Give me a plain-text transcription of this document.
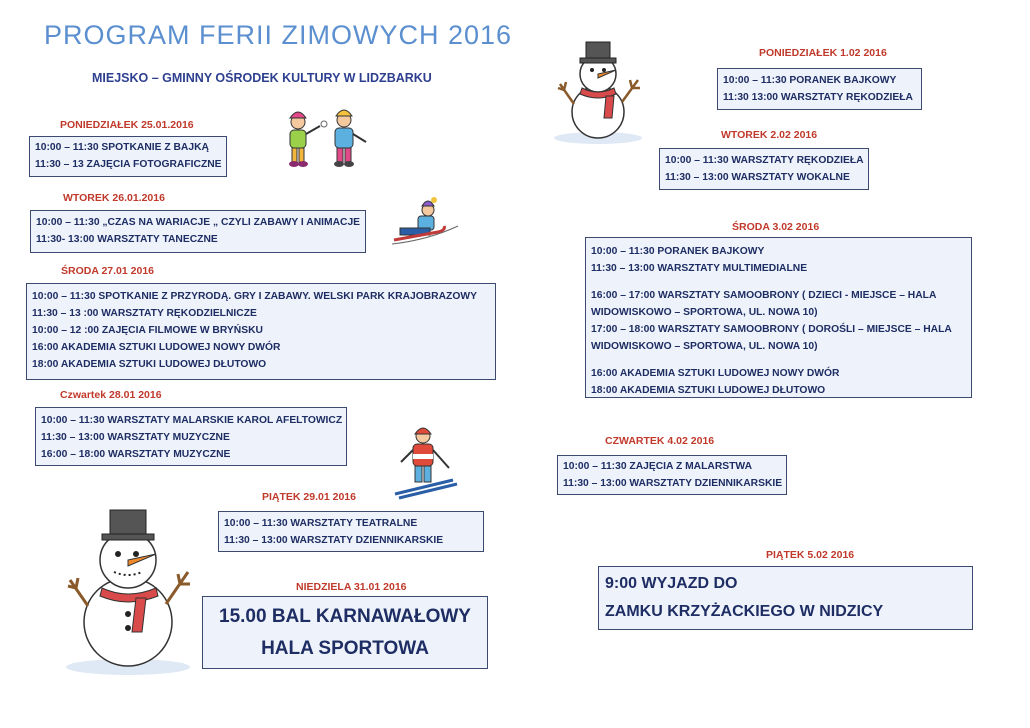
PROGRAM FERII ZIMOWYCH 2016
MIEJSKO – GMINNY OŚRODEK KULTURY W LIDZBARKU
PONIEDZIAŁEK 25.01.2016
10:00 – 11:30 SPOTKANIE Z BAJKĄ
11:30 – 13 ZAJĘCIA FOTOGRAFICZNE
WTOREK 26.01.2016
10:00 – 11:30 „CZAS NA WARIACJE „ CZYLI ZABAWY I ANIMACJE
11:30- 13:00 WARSZTATY TANECZNE
ŚRODA 27.01 2016
10:00 – 11:30 SPOTKANIE Z PRZYRODĄ. GRY I ZABAWY. WELSKI PARK KRAJOBRAZOWY
11:30 – 13 :00 WARSZTATY RĘKODZIELNICZE
10:00 – 12 :00 ZAJĘCIA FILMOWE W BRYŃSKU
16:00 AKADEMIA SZTUKI LUDOWEJ NOWY DWÓR
18:00 AKADEMIA SZTUKI LUDOWEJ DŁUTOWO
Czwartek 28.01 2016
10:00 – 11:30 WARSZTATY MALARSKIE KAROL AFELTOWICZ
11:30 – 13:00 WARSZTATY MUZYCZNE
16:00 – 18:00 WARSZTATY MUZYCZNE
PIĄTEK 29.01 2016
10:00 – 11:30 WARSZTATY TEATRALNE
11:30 – 13:00 WARSZTATY DZIENNIKARSKIE
NIEDZIELA 31.01 2016
15.00 BAL KARNAWAŁOWY
HALA SPORTOWA
PONIEDZIAŁEK 1.02 2016
10:00 – 11:30 PORANEK BAJKOWY
11:30 13:00 WARSZTATY RĘKODZIEŁA
WTOREK 2.02 2016
10:00 – 11:30 WARSZTATY RĘKODZIEŁA
11:30 – 13:00 WARSZTATY WOKALNE
ŚRODA 3.02 2016
10:00 – 11:30 PORANEK BAJKOWY
11:30 – 13:00 WARSZTATY MULTIMEDIALNE
16:00 – 17:00 WARSZTATY SAMOOBRONY ( DZIECI - MIEJSCE – HALA
WIDOWISKOWO – SPORTOWA, UL. NOWA 10)
17:00 – 18:00 WARSZTATY SAMOOBRONY ( DOROŚLI – MIEJSCE – HALA
WIDOWISKOWO – SPORTOWA, UL. NOWA 10)
16:00 AKADEMIA SZTUKI LUDOWEJ NOWY DWÓR
18:00 AKADEMIA SZTUKI LUDOWEJ DŁUTOWO
CZWARTEK 4.02 2016
10:00 – 11:30 ZAJĘCIA Z MALARSTWA
11:30 – 13:00 WARSZTATY DZIENNIKARSKIE
PIĄTEK 5.02 2016
9:00 WYJAZD DO
ZAMKU KRZYŻACKIEGO W NIDZICY
